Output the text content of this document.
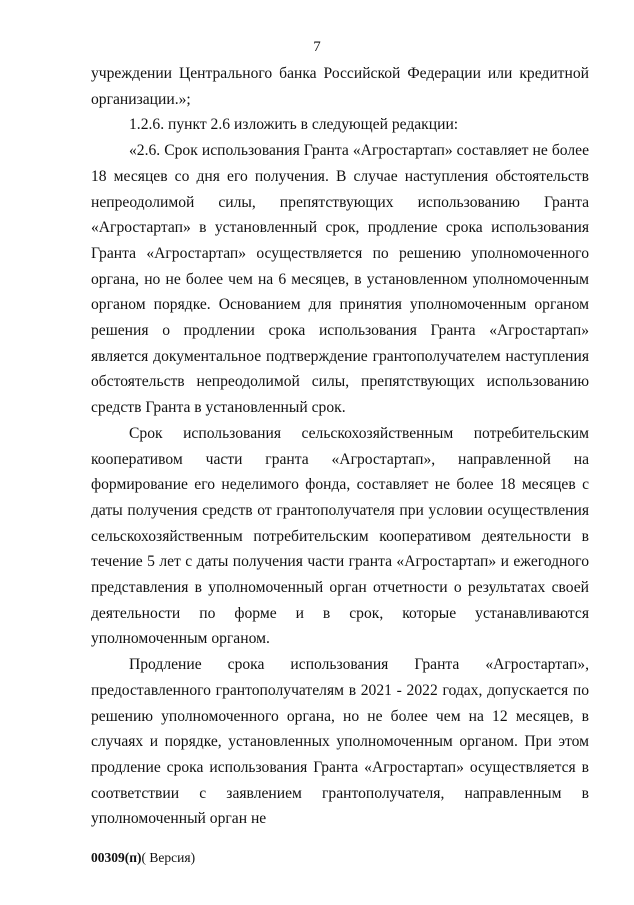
7

учреждении Центрального банка Российской Федерации или кредитной организации.»;

1.2.6. пункт 2.6 изложить в следующей редакции:

«2.6. Срок использования Гранта «Агростартап» составляет не более 18 месяцев со дня его получения. В случае наступления обстоятельств непреодолимой силы, препятствующих использованию Гранта «Агростартап» в установленный срок, продление срока использования Гранта «Агростартап» осуществляется по решению уполномоченного органа, но не более чем на 6 месяцев, в установленном уполномоченным органом порядке. Основанием для принятия уполномоченным органом решения о продлении срока использования Гранта «Агростартап» является документальное подтверждение грантополучателем наступления обстоятельств непреодолимой силы, препятствующих использованию средств Гранта в установленный срок.

Срок использования сельскохозяйственным потребительским кооперативом части гранта «Агростартап», направленной на формирование его неделимого фонда, составляет не более 18 месяцев с даты получения средств от грантополучателя при условии осуществления сельскохозяйственным потребительским кооперативом деятельности в течение 5 лет с даты получения части гранта «Агростартап» и ежегодного представления в уполномоченный орган отчетности о результатах своей деятельности по форме и в срок, которые устанавливаются уполномоченным органом.

Продление срока использования Гранта «Агростартап», предоставленного грантополучателям в 2021 - 2022 годах, допускается по решению уполномоченного органа, но не более чем на 12 месяцев, в случаях и порядке, установленных уполномоченным органом. При этом продление срока использования Гранта «Агростартап» осуществляется в соответствии с заявлением грантополучателя, направленным в уполномоченный орган не

00309(п)( Версия)
